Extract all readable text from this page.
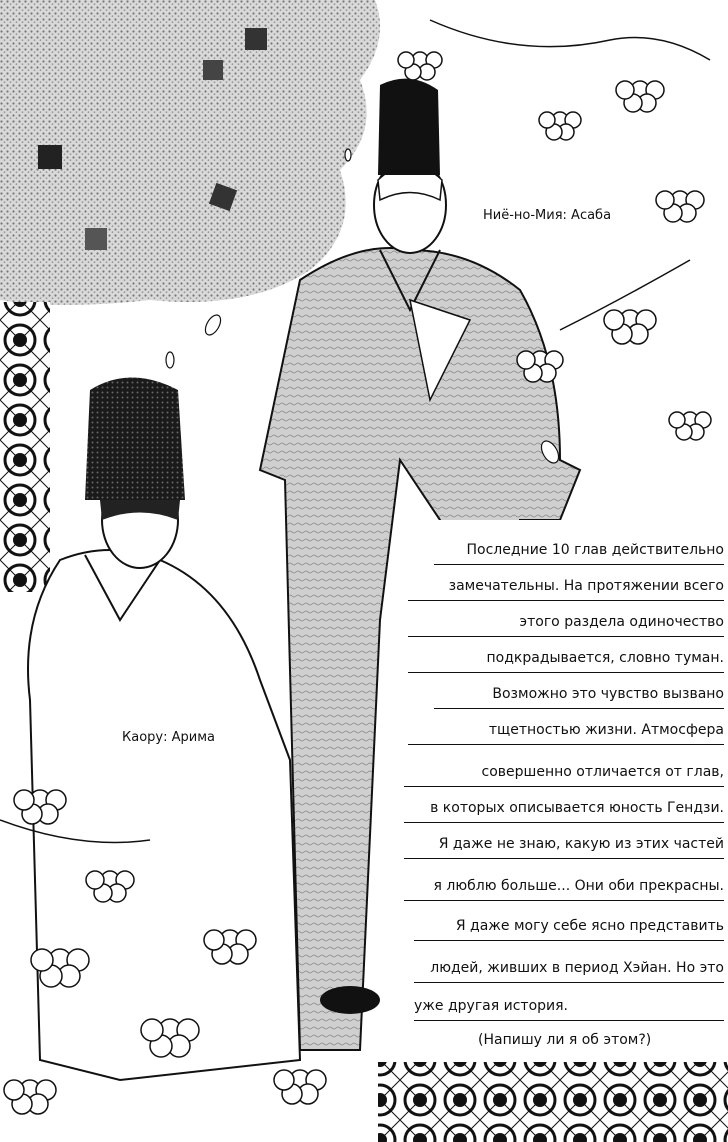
Ниё-но-Мия: Асаба
Каору: Арима
Последние 10 глав действительно
замечательны. На протяжении всего
этого раздела одиночество
подкрадывается, словно туман.
Возможно это чувство вызвано
тщетностью жизни. Атмосфера
совершенно отличается от глав,
в которых описывается юность Гендзи.
Я даже не знаю, какую из этих частей
я люблю больше... Они оби прекрасны.
Я даже могу себе ясно представить
людей, живших в период Хэйан. Но это
уже другая история.
(Напишу ли я об этом?)
